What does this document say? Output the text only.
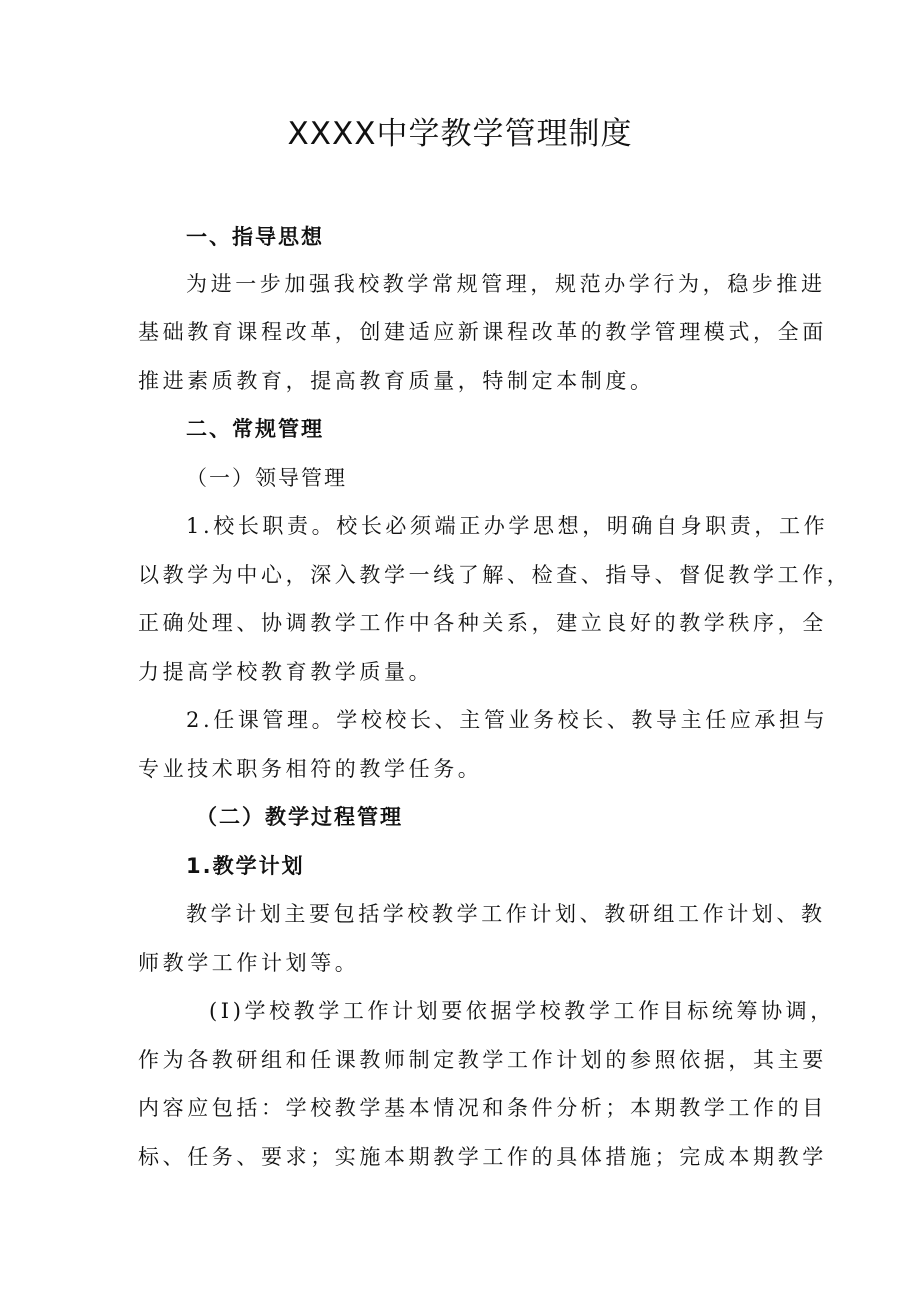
XXXX中学教学管理制度

一、指导思想

为进一步加强我校教学常规管理，规范办学行为，稳步推进

基础教育课程改革，创建适应新课程改革的教学管理模式，全面

推进素质教育，提高教育质量，特制定本制度。

二、常规管理

（一）领导管理

1.校长职责。校长必须端正办学思想，明确自身职责，工作

以教学为中心，深入教学一线了解、检查、指导、督促教学工作，

正确处理、协调教学工作中各种关系，建立良好的教学秩序，全

力提高学校教育教学质量。

2.任课管理。学校校长、主管业务校长、教导主任应承担与

专业技术职务相符的教学任务。

（二）教学过程管理

1.教学计划

教学计划主要包括学校教学工作计划、教研组工作计划、教

师教学工作计划等。

(I)学校教学工作计划要依据学校教学工作目标统筹协调，

作为各教研组和任课教师制定教学工作计划的参照依据，其主要

内容应包括：学校教学基本情况和条件分析；本期教学工作的目

标、任务、要求；实施本期教学工作的具体措施；完成本期教学
